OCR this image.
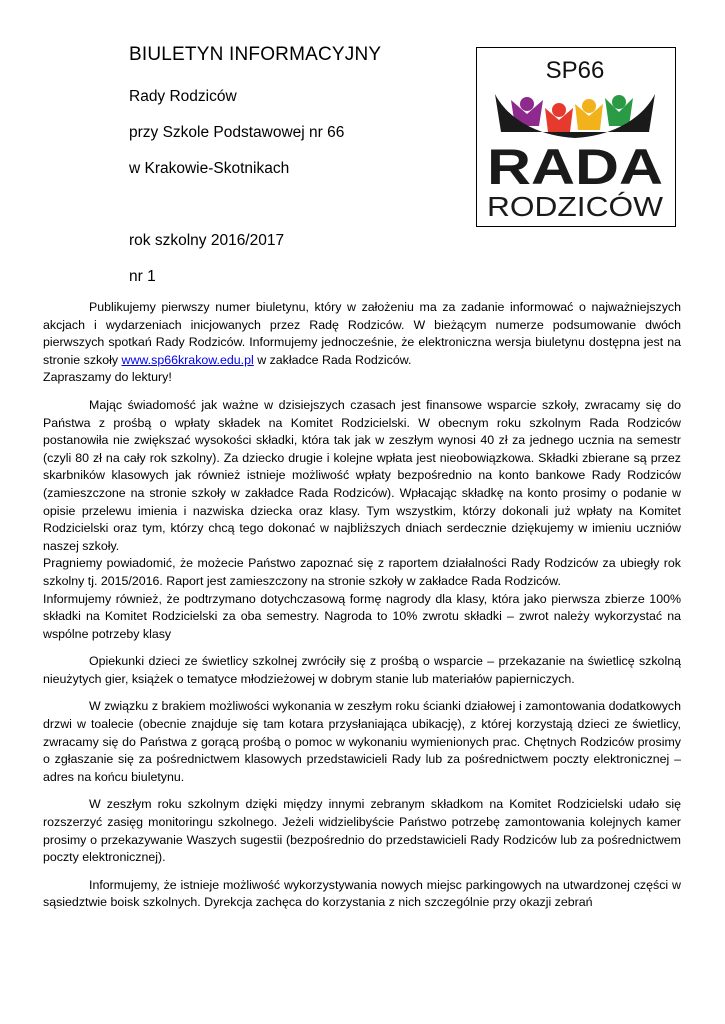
BIULETYN INFORMACYJNY

Rady Rodziców

przy Szkole Podstawowej nr 66

w Krakowie-Skotnikach

rok szkolny 2016/2017

nr 1

SP66
RADA
RODZICÓW

Publikujemy pierwszy numer biuletynu, który w założeniu ma za zadanie informować o najważniejszych akcjach i wydarzeniach inicjowanych przez Radę Rodziców. W bieżącym numerze podsumowanie dwóch pierwszych spotkań Rady Rodziców. Informujemy jednocześnie, że elektroniczna wersja biuletynu dostępna jest na stronie szkoły www.sp66krakow.edu.pl w zakładce Rada Rodziców.

Zapraszamy do lektury!

Mając świadomość jak ważne w dzisiejszych czasach jest finansowe wsparcie szkoły, zwracamy się do Państwa z prośbą o wpłaty składek na Komitet Rodzicielski. W obecnym roku szkolnym Rada Rodziców postanowiła nie zwiększać wysokości składki, która tak jak w zeszłym wynosi 40 zł za jednego ucznia na semestr (czyli 80 zł na cały rok szkolny). Za dziecko drugie i kolejne wpłata jest nieobowiązkowa. Składki zbierane są przez skarbników klasowych jak również istnieje możliwość wpłaty bezpośrednio na konto bankowe Rady Rodziców (zamieszczone na stronie szkoły w zakładce Rada Rodziców). Wpłacając składkę na konto prosimy o podanie w opisie przelewu imienia i nazwiska dziecka oraz klasy. Tym wszystkim, którzy dokonali już wpłaty na Komitet Rodzicielski oraz tym, którzy chcą tego dokonać w najbliższych dniach serdecznie dziękujemy w imieniu uczniów naszej szkoły.

Pragniemy powiadomić, że możecie Państwo zapoznać się z raportem działalności Rady Rodziców za ubiegły rok szkolny tj. 2015/2016. Raport jest zamieszczony na stronie szkoły w zakładce Rada Rodziców.

Informujemy również, że podtrzymano dotychczasową formę nagrody dla klasy, która jako pierwsza zbierze 100% składki na Komitet Rodzicielski za oba semestry. Nagroda to 10% zwrotu składki – zwrot należy wykorzystać na wspólne potrzeby klasy

Opiekunki dzieci ze świetlicy szkolnej zwróciły się z prośbą o wsparcie – przekazanie na świetlicę szkolną nieużytych gier, książek o tematyce młodzieżowej w dobrym stanie lub materiałów papierniczych.

W związku z brakiem możliwości wykonania w zeszłym roku ścianki działowej i zamontowania dodatkowych drzwi w toalecie (obecnie znajduje się tam kotara przysłaniająca ubikację), z której korzystają dzieci ze świetlicy, zwracamy się do Państwa z gorącą prośbą o pomoc w wykonaniu wymienionych prac. Chętnych Rodziców prosimy o zgłaszanie się za pośrednictwem klasowych przedstawicieli Rady lub za pośrednictwem poczty elektronicznej – adres na końcu biuletynu.

W zeszłym roku szkolnym dzięki między innymi zebranym składkom na Komitet Rodzicielski udało się rozszerzyć zasięg monitoringu szkolnego. Jeżeli widzielibyście Państwo potrzebę zamontowania kolejnych kamer prosimy o przekazywanie Waszych sugestii (bezpośrednio do przedstawicieli Rady Rodziców lub za pośrednictwem poczty elektronicznej).

Informujemy, że istnieje możliwość wykorzystywania nowych miejsc parkingowych na utwardzonej części w sąsiedztwie boisk szkolnych. Dyrekcja zachęca do korzystania z nich szczególnie przy okazji zebrań
